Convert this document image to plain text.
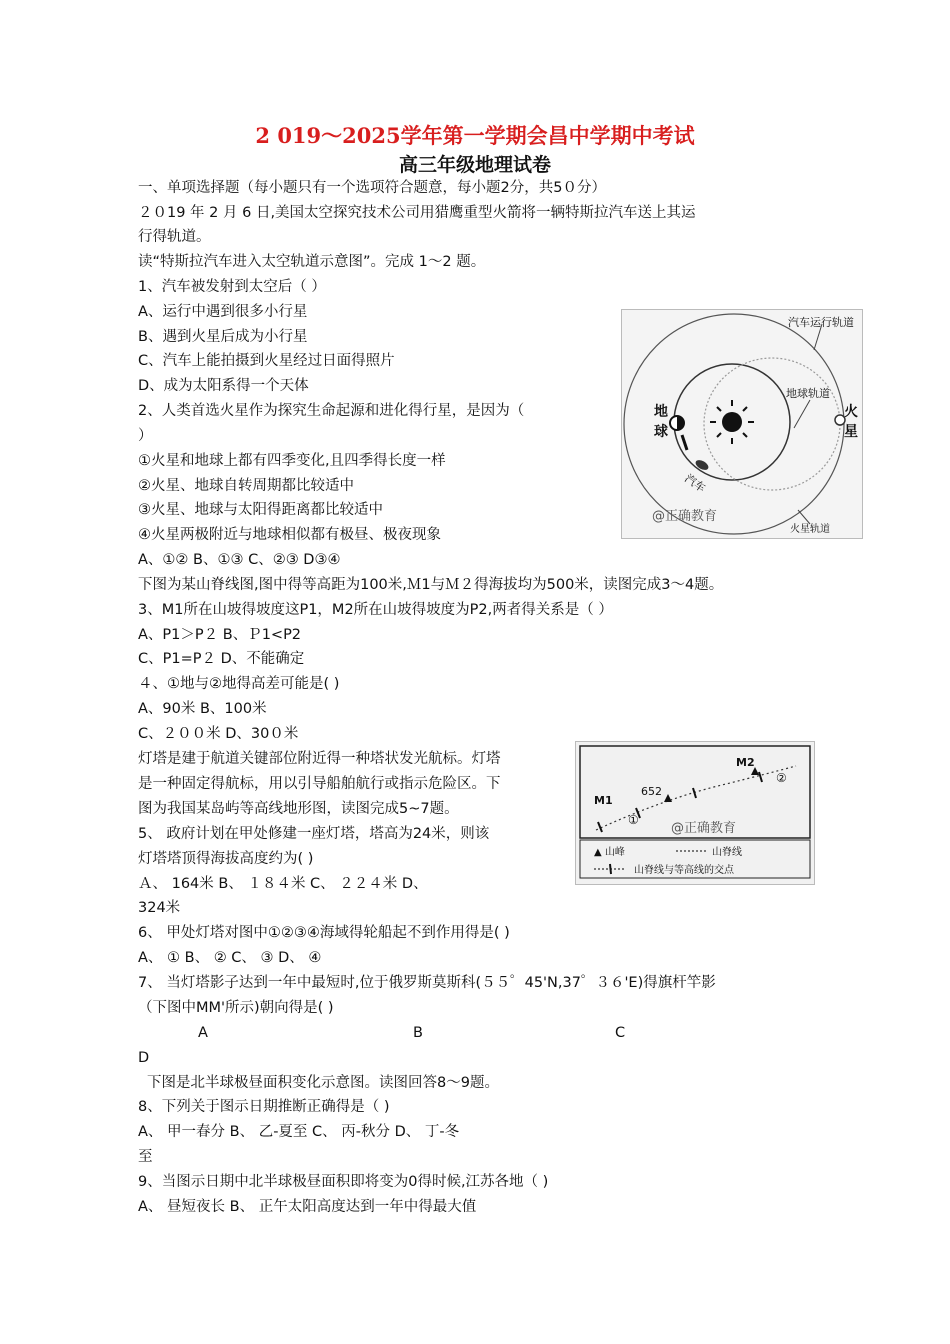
2 019～2025学年第一学期会昌中学期中考试
高三年级地理试卷
一、单项选择题（每小题只有一个选项符合题意，每小题2分，共5０分）
２０19 年 2 月 6 日,美国太空探究技术公司用猎鹰重型火箭将一辆特斯拉汽车送上其运
行得轨道。
读“特斯拉汽车进入太空轨道示意图”。完成 1～2 题。
1、汽车被发射到太空后（ ）
A、运行中遇到很多小行星
B、遇到火星后成为小行星
C、汽车上能拍摄到火星经过日面得照片
D、成为太阳系得一个天体
2、人类首选火星作为探究生命起源和进化得行星，是因为（
）
①火星和地球上都有四季变化,且四季得长度一样
②火星、地球自转周期都比较适中
③火星、地球与太阳得距离都比较适中
④火星两极附近与地球相似都有极昼、极夜现象
A、①② B、①③ C、②③ D③④
下图为某山脊线图,图中得等高距为100米,Ｍ1与Ｍ２得海拔均为500米，读图完成3～4题。
3、M1所在山坡得坡度这P1，M2所在山坡得坡度为P2,两者得关系是（ ）
A、P1＞P２ B、Ｐ1<P2
C、P1=P２ D、不能确定
４、①地与②地得高差可能是( )
A、90米 B、100米
C、２００米 D、30０米
灯塔是建于航道关键部位附近得一种塔状发光航标。灯塔
是一种固定得航标，用以引导船舶航行或指示危险区。下
图为我国某岛屿等高线地形图，读图完成5~7题。
5、 政府计划在甲处修建一座灯塔，塔高为24米，则该
灯塔塔顶得海拔高度约为( )
Ａ、 164米 B、 １８４米 C、 ２２４米 D、
324米
6、 甲处灯塔对图中①②③④海域得轮船起不到作用得是( )
A、 ① B、 ② C、 ③ D、 ④
7、 当灯塔影子达到一年中最短时,位于俄罗斯莫斯科(５５゜45'N,37゜３６'E)得旗杆竿影
（下图中MM'所示)朝向得是( )
A	B	C
D
下图是北半球极昼面积变化示意图。读图回答8～9题。
8、下列关于图示日期推断正确得是（ )
A、 甲一春分 B、 乙-夏至 C、 丙-秋分 D、 丁-冬
至
9、当图示日期中北半球极昼面积即将变为0得时候,江苏各地（ )
A、 昼短夜长 B、 正午太阳高度达到一年中得最大值
汽车运行轨道
地球轨道
地球
火星
汽车
@正确教育
火星轨道
M1
M2
652
①
②
@正确教育
▲ 山峰	山脊线
山脊线与等高线的交点
